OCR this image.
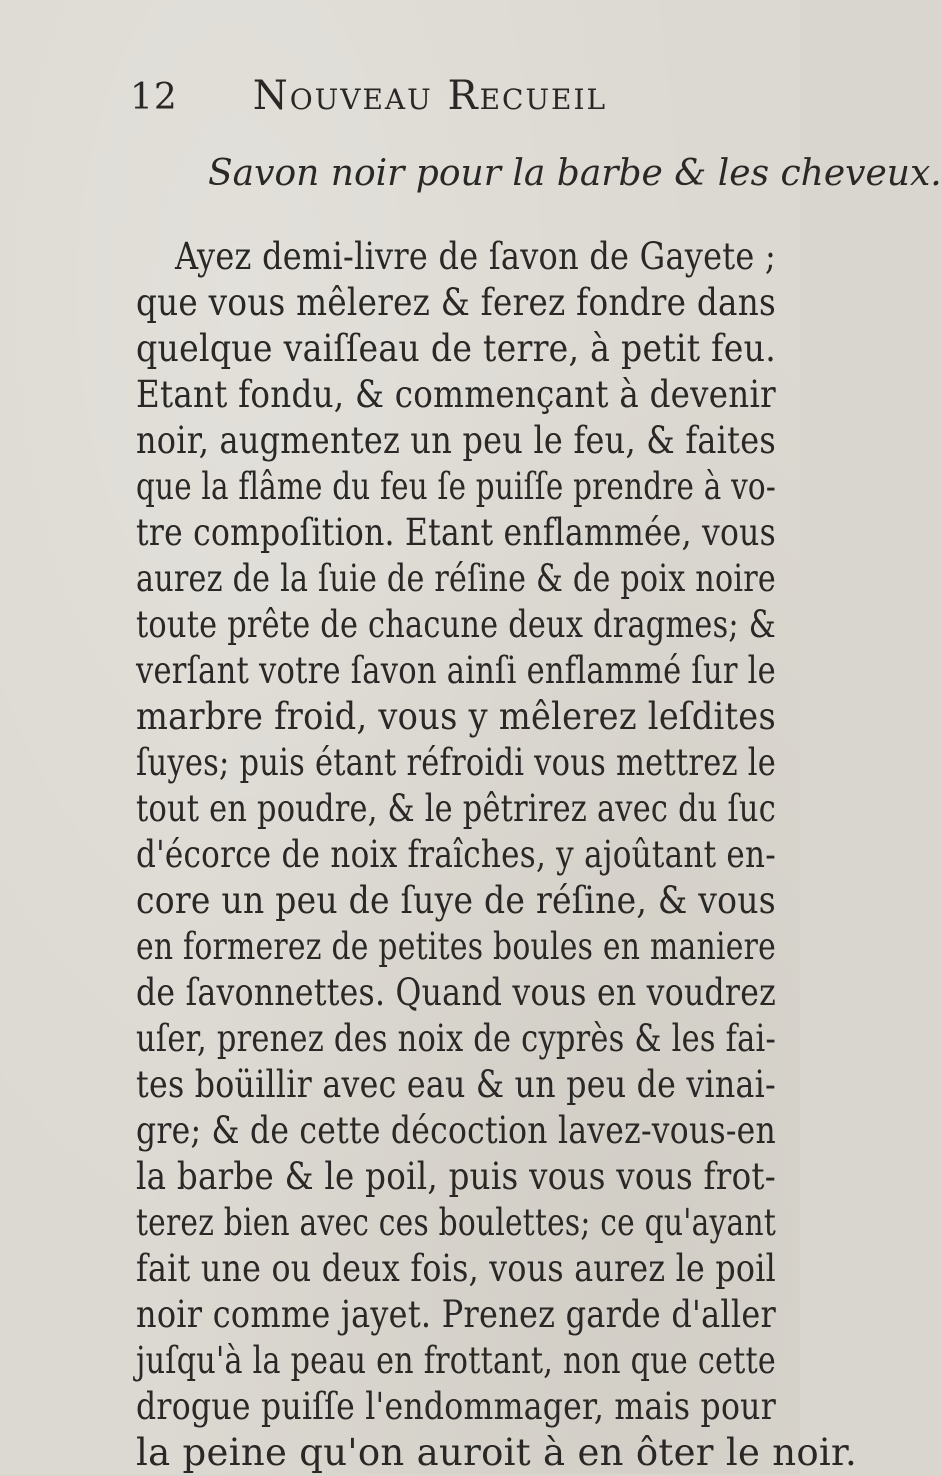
12 Nouveau Recueil
Savon noir pour la barbe & les cheveux.
Ayez demi-livre de ſavon de Gayete ;
que vous mêlerez & ferez fondre dans
quelque vaiſſeau de terre, à petit feu.
Etant fondu, & commençant à devenir
noir, augmentez un peu le feu, & faites
que la flâme du feu ſe puiſſe prendre à vo-
tre compoſition. Etant enflammée, vous
aurez de la ſuie de réſine & de poix noire
toute prête de chacune deux dragmes; &
verſant votre ſavon ainſi enflammé ſur le
marbre froid, vous y mêlerez leſdites
ſuyes; puis étant réfroidi vous mettrez le
tout en poudre, & le pêtrirez avec du ſuc
d'écorce de noix fraîches, y ajoûtant en-
core un peu de ſuye de réſine, & vous
en formerez de petites boules en maniere
de ſavonnettes. Quand vous en voudrez
uſer, prenez des noix de cyprès & les fai-
tes boüillir avec eau & un peu de vinai-
gre; & de cette décoction lavez-vous-en
la barbe & le poil, puis vous vous frot-
terez bien avec ces boulettes; ce qu'ayant
fait une ou deux fois, vous aurez le poil
noir comme jayet. Prenez garde d'aller
juſqu'à la peau en frottant, non que cette
drogue puiſſe l'endommager, mais pour
la peine qu'on auroit à en ôter le noir.
